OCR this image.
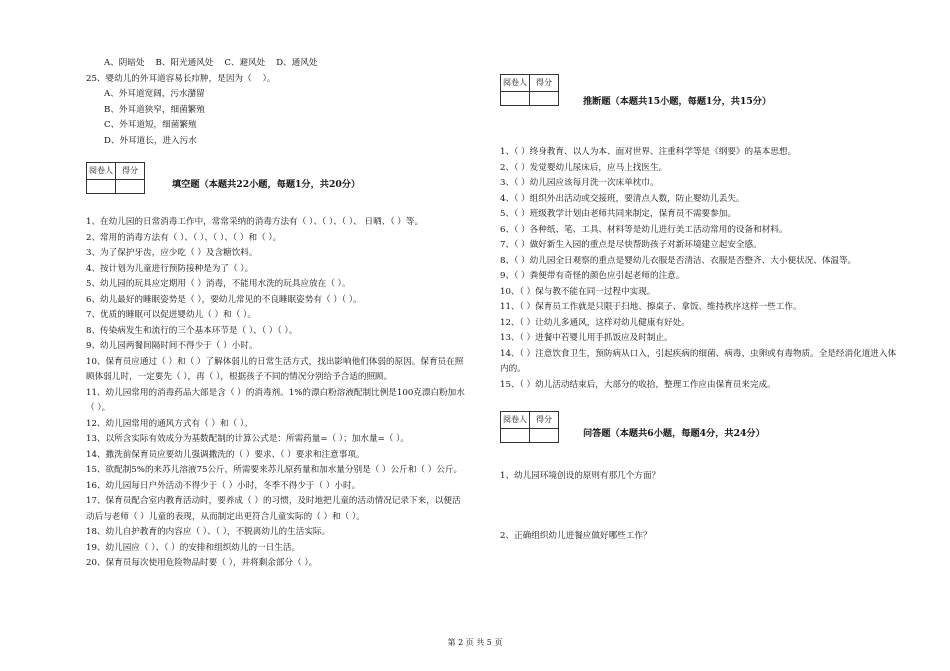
A、阴暗处    B、阳光通风处    C、避风处    D、通风处
25、婴幼儿的外耳道容易长疖肿，是因为（    ）。
A、外耳道宽阔，污水潴留
B、外耳道狭窄，细菌繁殖
C、外耳道短，细菌繁殖
D、外耳道长，进入污水
阅卷人	得分

填空题（本题共22小题，每题1分，共20分）
1、在幼儿园的日常消毒工作中，常常采纳的消毒方法有（ ）、（ ）、（ ）、 日晒、（ ）等。
2、常用的消毒方法有（ ）、（ ）、（ ）、（ ）和（ ）。
3、为了保护牙齿，应少吃（ ）及含糖饮料。
4、按计划为儿童进行预防接种是为了（ ）。
5、幼儿园的玩具应定期用（ ）消毒，不能用水洗的玩具应放在（ ）。
6、幼儿最好的睡眠姿势是（ ），要幼儿常见的不良睡眠姿势有（ ）（ ）。
7、优质的睡眠可以促进婴幼儿（ ）和（ ）。
8、传染病发生和流行的三个基本环节是（ ）、（ ）（ ）。
9、幼儿园两餐间隔时间不得少于（ ）小时。
10、保育员应通过（ ）和（ ）了解体弱儿的日常生活方式，找出影响他们体弱的原因。保育员在照顾体弱儿时，一定要先（ ），再（ ），根据孩子不同的情况分别给予合适的照顾。
11、幼儿园常用的消毒药品大部是含（ ）的消毒剂。1%的漂白粉溶液配制比例是100克漂白粉加水（ ）。
12、幼儿园常用的通风方式有（ ）和（ ）。
13、以所含实际有效成分为基数配制的计算公式是：所需药量=（ ）；加水量=（ ）。
14、撒洗前保育员应要幼儿强调撒洗的（ ）要求、（ ）要求和注意事项。
15、欲配制5%的来苏儿溶液75公斤，所需要来苏儿原药量和加水量分别是（ ）公斤和（ ）公斤。
16、幼儿园每日户外活动不得少于（ ）小时，冬季不得少于（ ）小时。
17、保育员配合室内教育活动时，要养成（ ）的习惯，及时地把儿童的活动情况记录下来，以便活动后与老师（ ）儿童的表现，从而制定出更符合儿童实际的（ ）和（ ）。
18、幼儿自护教育的内容应（ ）、（ ），不脱离幼儿的生活实际。
19、幼儿园应（ ）、（ ）的安排和组织幼儿的一日生活。
20、保育员每次使用危险物品时要（ ），并将剩余部分（ ）。
阅卷人	得分

推断题（本题共15小题，每题1分，共15分）
1、（ ）终身教育、以人为本、面对世界、注重科学等是《纲要》的基本思想。
2、（ ）发觉婴幼儿尿床后，应马上找医生。
3、（ ）幼儿园应该每月洗一次床单枕巾。
4、（ ）组织外出活动或交接班，要清点人数，防止婴幼儿丢失。
5、（ ）班级教学计划由老师共同来制定，保育员不需要参加。
6、（ ）各种纸、笔、工具、材料等是幼儿进行美工活动常用的设备和材料。
7、（ ）做好新生入园的重点是尽快帮助孩子对新环境建立起安全感。
8、（ ）幼儿园全日观察的重点是婴幼儿衣服是否清洁、衣服是否整齐、大小便状况、体温等。
9、（ ）粪便带有奇怪的颜色应引起老师的注意。
10、（ ）保与教不能在同一过程中实现。
11、（ ）保育员工作就是只限于扫地、擦桌子、拿饭、维持秩序这样一些工作。
12、（ ）让幼儿多通风，这样对幼儿健康有好处。
13、（ ）进餐中若婴儿用手抓饭应及时制止。
14、（ ）注意饮食卫生，预防病从口入，引起疾病的细菌、病毒、虫卵或有毒物质。全是经消化道进入体内的。
15、（ ）幼儿活动结束后，大部分的收拾，整理工作应由保育员来完成。
阅卷人	得分

问答题（本题共6小题，每题4分，共24分）
1、幼儿园环境创设的原则有那几个方面？
2、正确组织幼儿进餐应做好哪些工作？
第 2 页 共 5 页
